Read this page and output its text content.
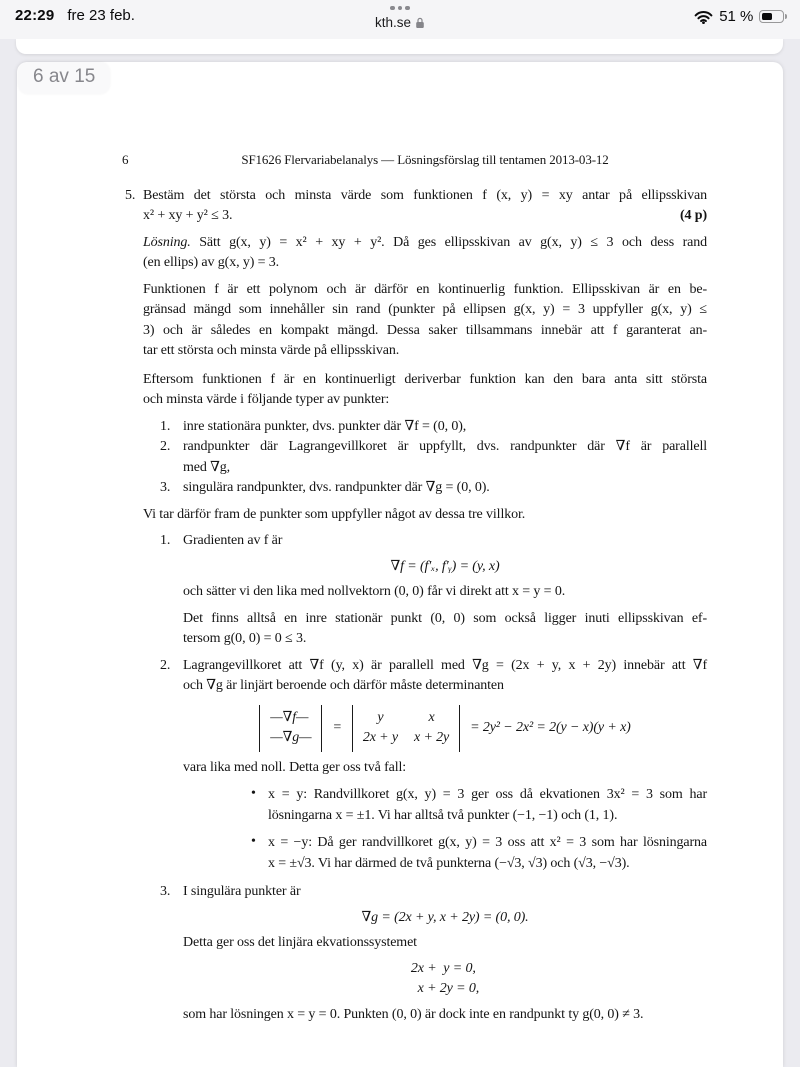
22:29 fre 23 feb.	kth.se	51 %
6 av 15
6	SF1626 Flervariabelanalys — Lösningsförslag till tentamen 2013-03-12
5. Bestäm det största och minsta värde som funktionen f (x, y) = xy antar på ellipsskivan
x² + xy + y² ≤ 3.	(4 p)
Lösning. Sätt g(x, y) = x² + xy + y². Då ges ellipsskivan av g(x, y) ≤ 3 och dess rand
(en ellips) av g(x, y) = 3.
Funktionen f är ett polynom och är därför en kontinuerlig funktion. Ellipsskivan är en be-
gränsad mängd som innehåller sin rand (punkter på ellipsen g(x, y) = 3 uppfyller g(x, y) ≤
3) och är således en kompakt mängd. Dessa saker tillsammans innebär att f garanterat an-
tar ett största och minsta värde på ellipsskivan.
Eftersom funktionen f är en kontinuerligt deriverbar funktion kan den bara anta sitt största
och minsta värde i följande typer av punkter:
1. inre stationära punkter, dvs. punkter där ∇f = (0, 0),
2. randpunkter där Lagrangevillkoret är uppfyllt, dvs. randpunkter där ∇f är parallell
med ∇g,
3. singulära randpunkter, dvs. randpunkter där ∇g = (0, 0).
Vi tar därför fram de punkter som uppfyller något av dessa tre villkor.
1. Gradienten av f är
∇f = (f′ₓ, f′ᵧ) = (y, x)
och sätter vi den lika med nollvektorn (0, 0) får vi direkt att x = y = 0.
Det finns alltså en inre stationär punkt (0, 0) som också ligger inuti ellipsskivan ef-
tersom g(0, 0) = 0 ≤ 3.
2. Lagrangevillkoret att ∇f (y, x) är parallell med ∇g = (2x + y, x + 2y) innebär att ∇f
och ∇g är linjärt beroende och därför måste determinanten
—∇f—
—∇g—
=
y	x
2x + y x + 2y
= 2y² − 2x² = 2(y − x)(y + x)
vara lika med noll. Detta ger oss två fall:
• x = y: Randvillkoret g(x, y) = 3 ger oss då ekvationen 3x² = 3 som har
lösningarna x = ±1. Vi har alltså två punkter (−1, −1) och (1, 1).
• x = −y: Då ger randvillkoret g(x, y) = 3 oss att x² = 3 som har lösningarna
x = ±√3. Vi har därmed de två punkterna (−√3, √3) och (√3, −√3).
3. I singulära punkter är
∇g = (2x + y, x + 2y) = (0, 0).
Detta ger oss det linjära ekvationssystemet
2x +  y = 0,
x + 2y = 0,
som har lösningen x = y = 0. Punkten (0, 0) är dock inte en randpunkt ty g(0, 0) ≠ 3.
